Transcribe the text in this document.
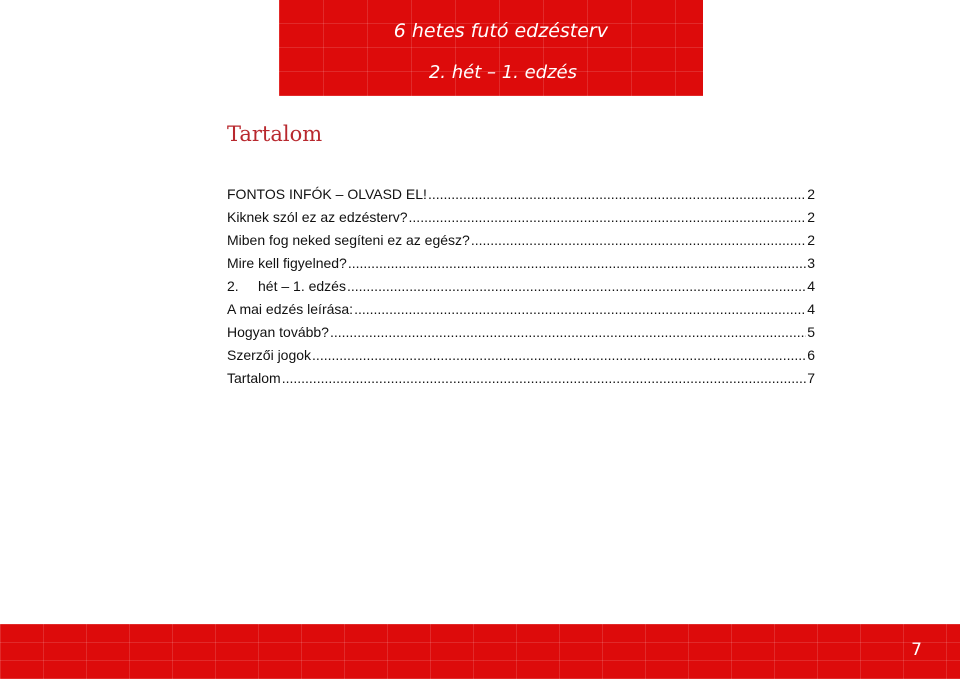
6 hetes futó edzésterv
2. hét – 1. edzés
Tartalom
FONTOS INFÓK – OLVASD EL! .....	2
Kiknek szól ez az edzésterv? .....	2
Miben fog neked segíteni ez az egész? .....	2
Mire kell figyelned? .....	3
2.	hét – 1. edzés .....	4
A mai edzés leírása: .....	4
Hogyan tovább? .....	5
Szerzői jogok .....	6
Tartalom .....	7
7
